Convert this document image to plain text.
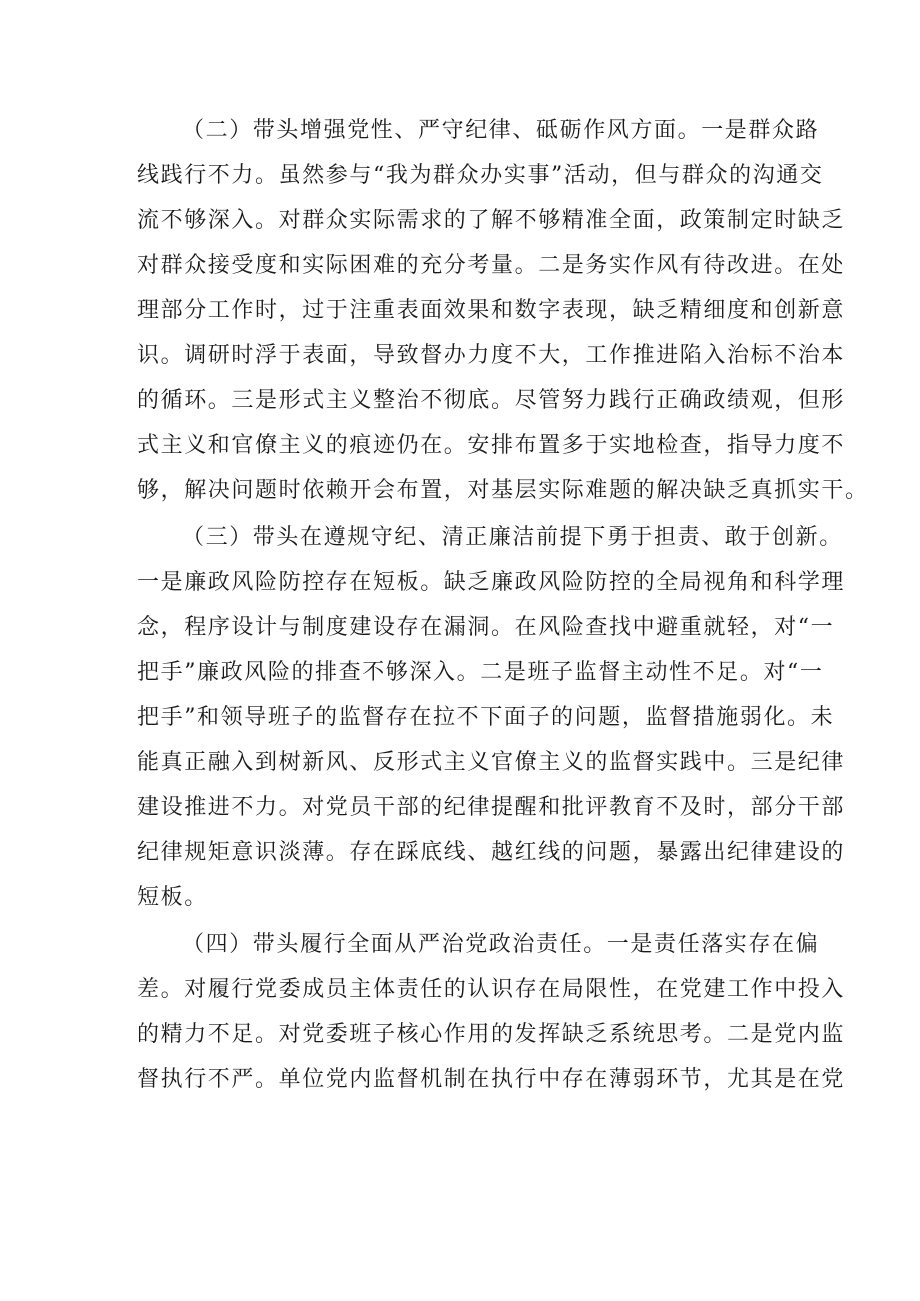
（二）带头增强党性、严守纪律、砥砺作风方面。一是群众路
线践行不力。虽然参与“我为群众办实事”活动，但与群众的沟通交
流不够深入。对群众实际需求的了解不够精准全面，政策制定时缺乏
对群众接受度和实际困难的充分考量。二是务实作风有待改进。在处
理部分工作时，过于注重表面效果和数字表现，缺乏精细度和创新意
识。调研时浮于表面，导致督办力度不大，工作推进陷入治标不治本
的循环。三是形式主义整治不彻底。尽管努力践行正确政绩观，但形
式主义和官僚主义的痕迹仍在。安排布置多于实地检查，指导力度不
够，解决问题时依赖开会布置，对基层实际难题的解决缺乏真抓实干。
（三）带头在遵规守纪、清正廉洁前提下勇于担责、敢于创新。
一是廉政风险防控存在短板。缺乏廉政风险防控的全局视角和科学理
念，程序设计与制度建设存在漏洞。在风险查找中避重就轻，对“一
把手”廉政风险的排查不够深入。二是班子监督主动性不足。对“一
把手”和领导班子的监督存在拉不下面子的问题，监督措施弱化。未
能真正融入到树新风、反形式主义官僚主义的监督实践中。三是纪律
建设推进不力。对党员干部的纪律提醒和批评教育不及时，部分干部
纪律规矩意识淡薄。存在踩底线、越红线的问题，暴露出纪律建设的
短板。
（四）带头履行全面从严治党政治责任。一是责任落实存在偏
差。对履行党委成员主体责任的认识存在局限性，在党建工作中投入
的精力不足。对党委班子核心作用的发挥缺乏系统思考。二是党内监
督执行不严。单位党内监督机制在执行中存在薄弱环节，尤其是在党
